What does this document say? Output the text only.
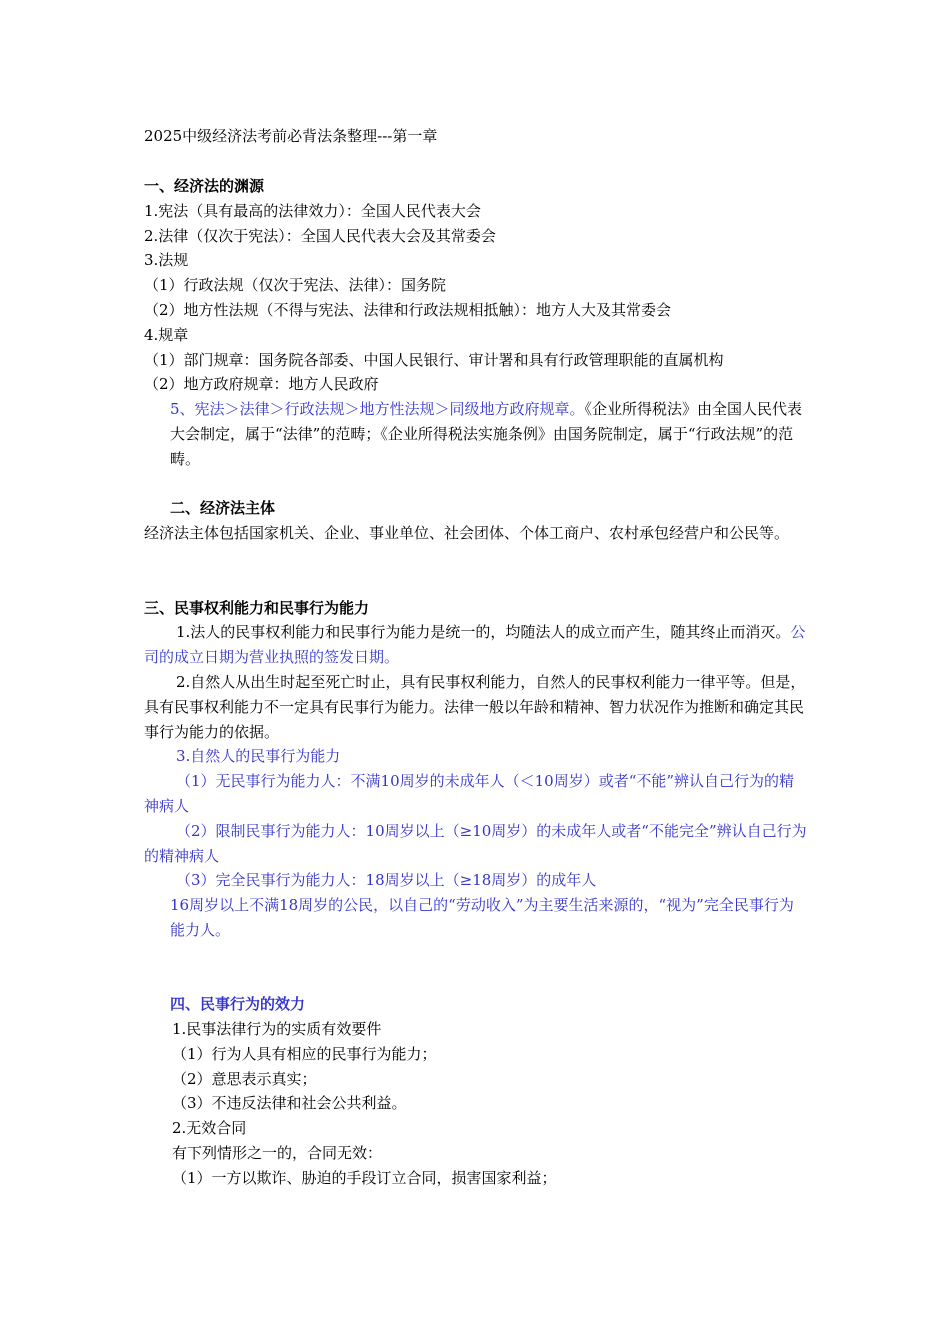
2025中级经济法考前必背法条整理---第一章

一、经济法的渊源

1.宪法（具有最高的法律效力）：全国人民代表大会

2.法律（仅次于宪法）：全国人民代表大会及其常委会

3.法规

（1）行政法规（仅次于宪法、法律）：国务院

（2）地方性法规（不得与宪法、法律和行政法规相抵触）：地方人大及其常委会

4.规章

（1）部门规章：国务院各部委、中国人民银行、审计署和具有行政管理职能的直属机构

（2）地方政府规章：地方人民政府

5、宪法＞法律＞行政法规＞地方性法规＞同级地方政府规章。《企业所得税法》由全国人民代表大会制定，属于“法律”的范畴；《企业所得税法实施条例》由国务院制定，属于“行政法规”的范畴。

二、经济法主体

经济法主体包括国家机关、企业、事业单位、社会团体、个体工商户、农村承包经营户和公民等。

三、民事权利能力和民事行为能力

1.法人的民事权利能力和民事行为能力是统一的，均随法人的成立而产生，随其终止而消灭。公司的成立日期为营业执照的签发日期。

2.自然人从出生时起至死亡时止，具有民事权利能力，自然人的民事权利能力一律平等。但是，具有民事权利能力不一定具有民事行为能力。法律一般以年龄和精神、智力状况作为推断和确定其民事行为能力的依据。

3.自然人的民事行为能力

（1）无民事行为能力人：不满10周岁的未成年人（＜10周岁）或者“不能”辨认自己行为的精神病人

（2）限制民事行为能力人：10周岁以上（≥10周岁）的未成年人或者“不能完全”辨认自己行为的精神病人

（3）完全民事行为能力人：18周岁以上（≥18周岁）的成年人

16周岁以上不满18周岁的公民，以自己的“劳动收入”为主要生活来源的，“视为”完全民事行为能力人。

四、民事行为的效力

1.民事法律行为的实质有效要件

（1）行为人具有相应的民事行为能力；

（2）意思表示真实；

（3）不违反法律和社会公共利益。

2.无效合同

有下列情形之一的，合同无效：

（1）一方以欺诈、胁迫的手段订立合同，损害国家利益；
